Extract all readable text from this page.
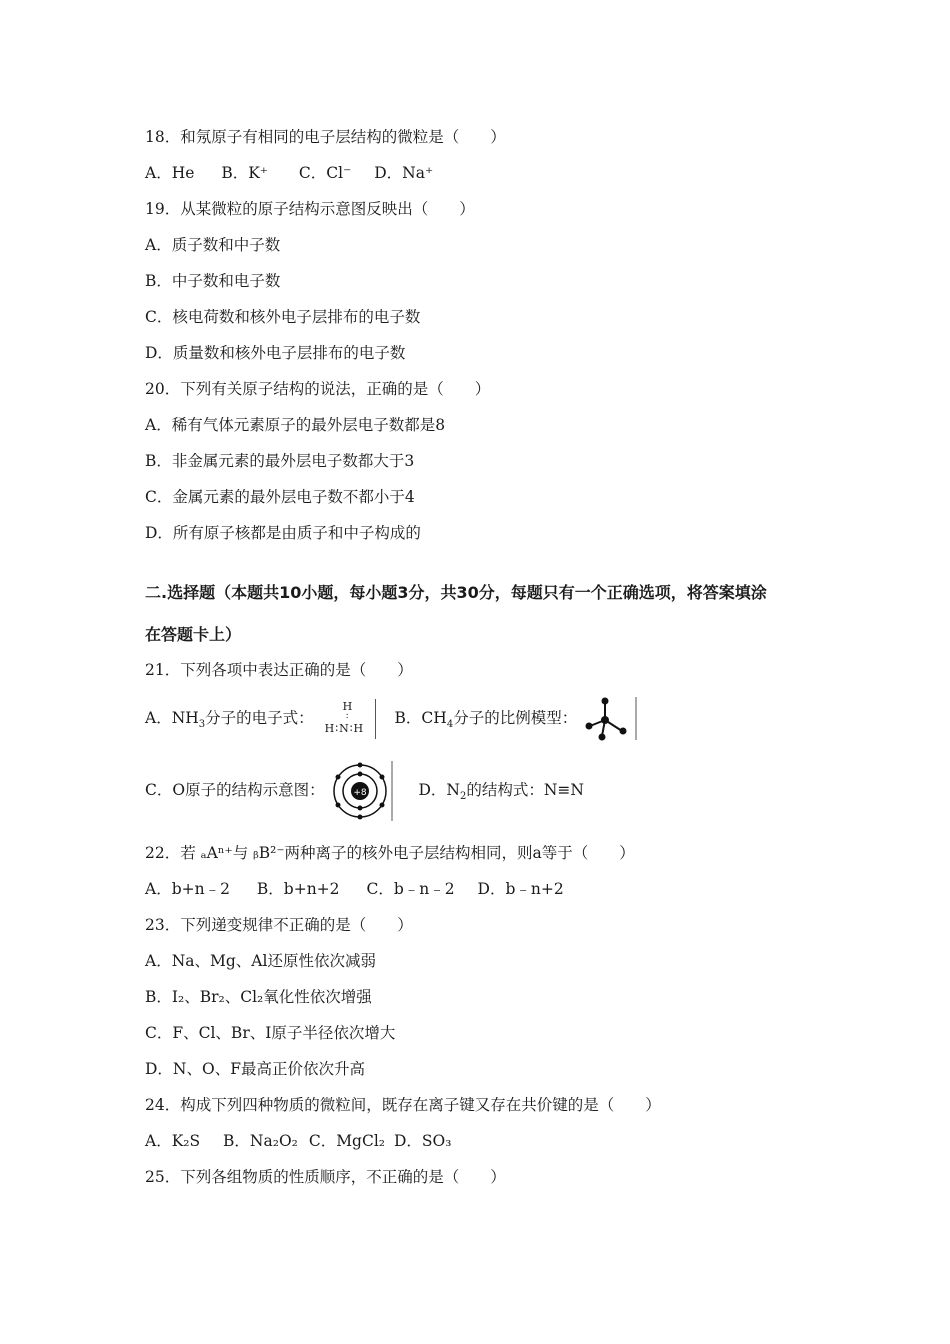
18．和氖原子有相同的电子层结构的微粒是（　　）
A．He B．K⁺ C．Cl⁻ D．Na⁺
19．从某微粒的原子结构示意图反映出（　　）
A．质子数和中子数
B．中子数和电子数
C．核电荷数和核外电子层排布的电子数
D．质量数和核外电子层排布的电子数
20．下列有关原子结构的说法，正确的是（　　）
A．稀有气体元素原子的最外层电子数都是8
B．非金属元素的最外层电子数都大于3
C．金属元素的最外层电子数不都小于4
D．所有原子核都是由质子和中子构成的
二.选择题（本题共10小题，每小题3分，共30分，每题只有一个正确选项，将答案填涂
在答题卡上）
21．下列各项中表达正确的是（　　）
A．$NH_3$分子的电子式：
H
:
H∶N∶H
B．$CH_4$分子的比例模型：
C．O原子的结构示意图：	+8	D．$N_2$的结构式：N≡N
22．若 ₐAⁿ⁺与 ᵦB²⁻两种离子的核外电子层结构相同，则a等于（　　）
A．b+n﹣2 B．b+n+2 C．b﹣n﹣2 D．b﹣n+2
23．下列递变规律不正确的是（　　）
A．Na、Mg、Al还原性依次减弱
B．I₂、Br₂、Cl₂氧化性依次增强
C．F、Cl、Br、I原子半径依次增大
D．N、O、F最高正价依次升高
24．构成下列四种物质的微粒间，既存在离子键又存在共价键的是（　　）
A．K₂S B．Na₂O₂ C．MgCl₂ D．SO₃
25．下列各组物质的性质顺序，不正确的是（　　）
